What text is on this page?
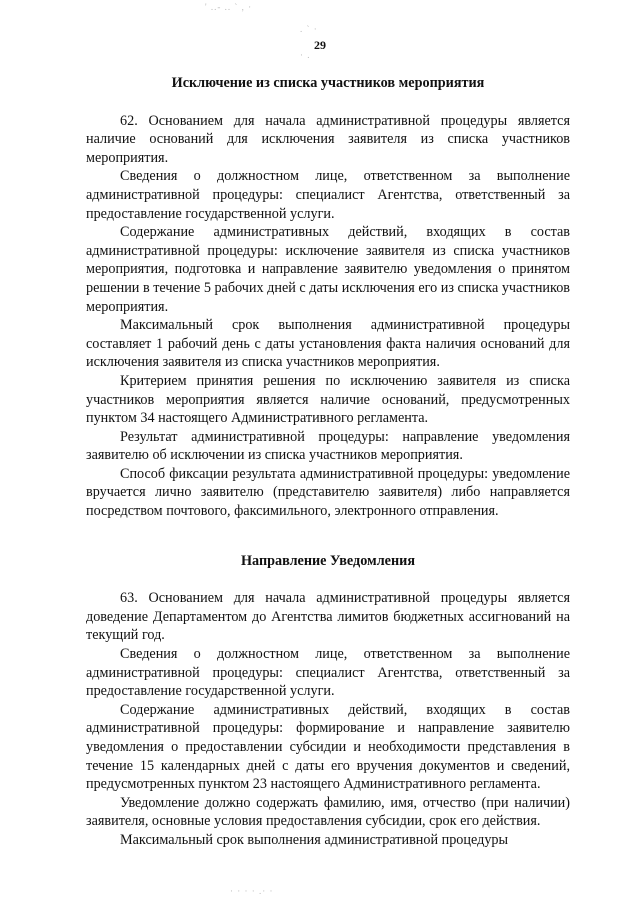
' ..- .. ` , ·
. ` ·
· .
· · · · .· ·
29
Исключение из списка участников мероприятия

62. Основанием для начала административной процедуры является наличие оснований для исключения заявителя из списка участников мероприятия.

Сведения о должностном лице, ответственном за выполнение административной процедуры: специалист Агентства, ответственный за предоставление государственной услуги.

Содержание административных действий, входящих в состав административной процедуры: исключение заявителя из списка участников мероприятия, подготовка и направление заявителю уведомления о принятом решении в течение 5 рабочих дней с даты исключения его из списка участников мероприятия.

Максимальный срок выполнения административной процедуры составляет 1 рабочий день с даты установления факта наличия оснований для исключения заявителя из списка участников мероприятия.

Критерием принятия решения по исключению заявителя из списка участников мероприятия является наличие оснований, предусмотренных пунктом 34 настоящего Административного регламента.

Результат административной процедуры: направление уведомления заявителю об исключении из списка участников мероприятия.

Способ фиксации результата административной процедуры: уведомление вручается лично заявителю (представителю заявителя) либо направляется посредством почтового, факсимильного, электронного отправления.

Направление Уведомления

63. Основанием для начала административной процедуры является доведение Департаментом до Агентства лимитов бюджетных ассигнований на текущий год.

Сведения о должностном лице, ответственном за выполнение административной процедуры: специалист Агентства, ответственный за предоставление государственной услуги.

Содержание административных действий, входящих в состав административной процедуры: формирование и направление заявителю уведомления о предоставлении субсидии и необходимости представления в течение 15 календарных дней с даты его вручения документов и сведений, предусмотренных пунктом 23 настоящего Административного регламента.

Уведомление должно содержать фамилию, имя, отчество (при наличии) заявителя, основные условия предоставления субсидии, срок его действия.

Максимальный срок выполнения административной процедуры
